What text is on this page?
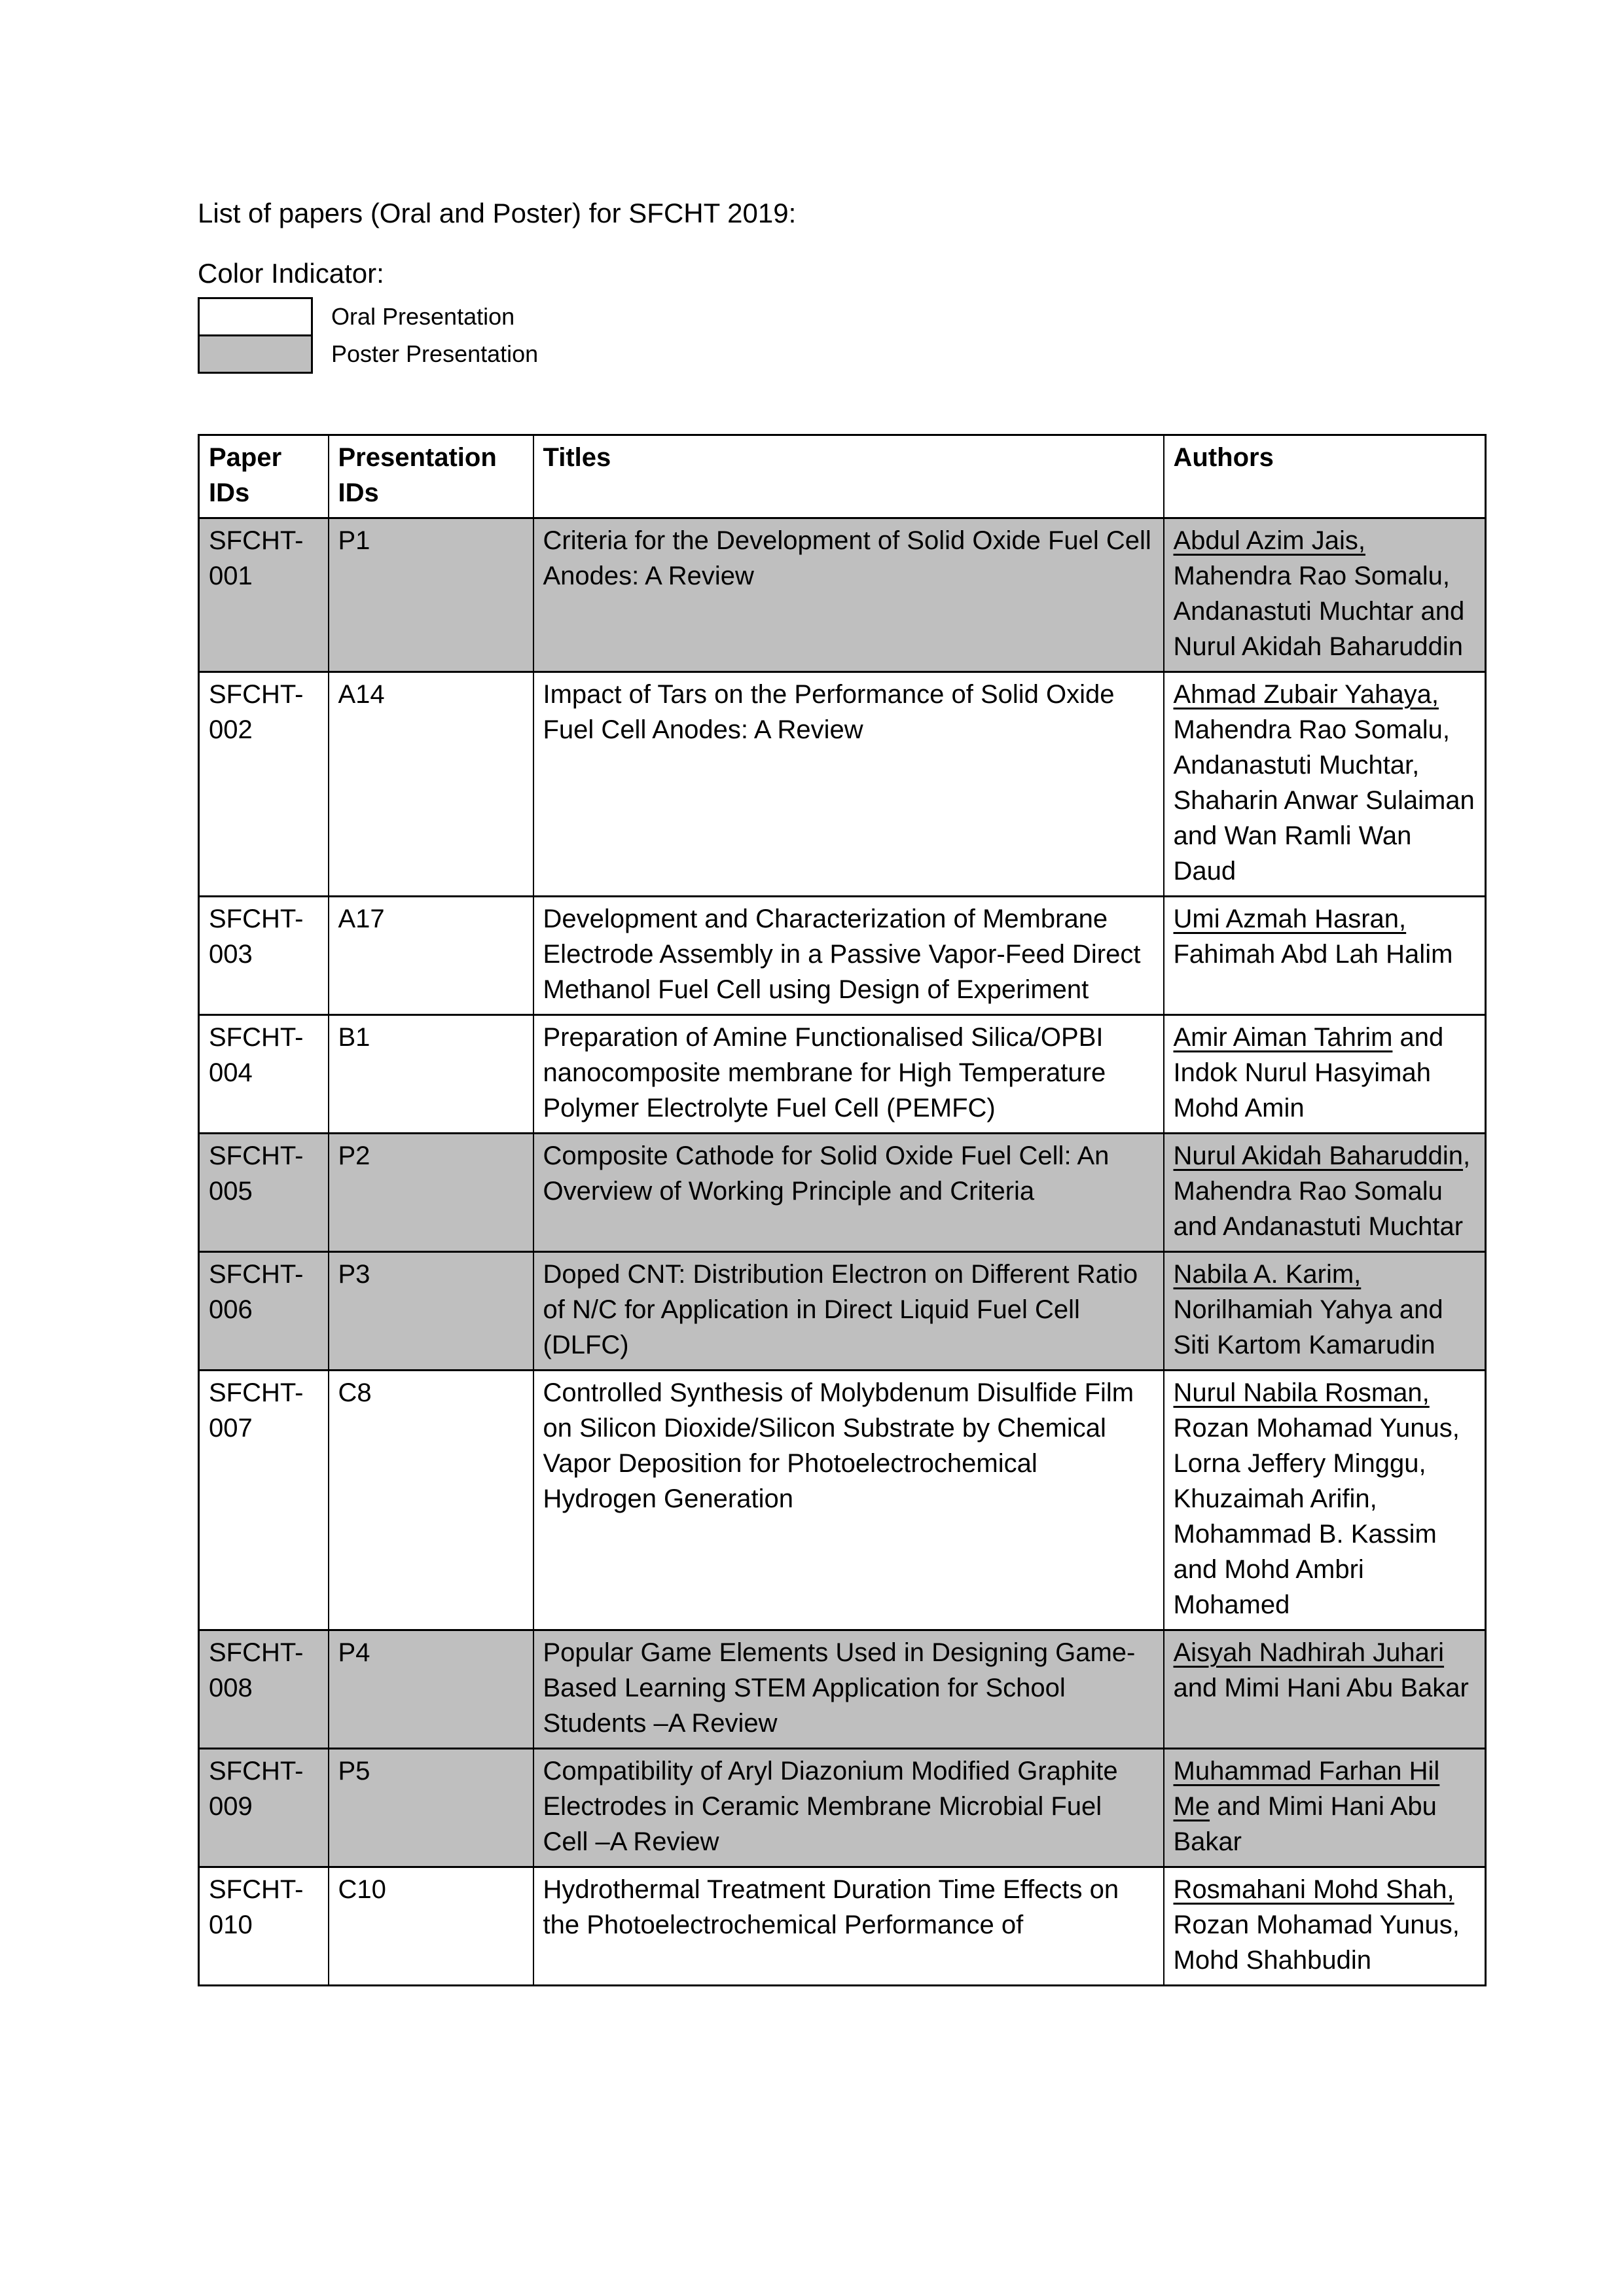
List of papers (Oral and Poster) for SFCHT 2019:
Color Indicator:
Oral Presentation
Poster Presentation
Paper IDs	Presentation IDs	Titles	Authors
SFCHT-001	P1	Criteria for the Development of Solid Oxide Fuel Cell Anodes: A Review	Abdul Azim Jais, Mahendra Rao Somalu, Andanastuti Muchtar and Nurul Akidah Baharuddin
SFCHT-002	A14	Impact of Tars on the Performance of Solid Oxide Fuel Cell Anodes: A Review	Ahmad Zubair Yahaya, Mahendra Rao Somalu, Andanastuti Muchtar, Shaharin Anwar Sulaiman and Wan Ramli Wan Daud
SFCHT-003	A17	Development and Characterization of Membrane Electrode Assembly in a Passive Vapor-Feed Direct Methanol Fuel Cell using Design of Experiment	Umi Azmah Hasran, Fahimah Abd Lah Halim
SFCHT-004	B1	Preparation of Amine Functionalised Silica/OPBI nanocomposite membrane for High Temperature Polymer Electrolyte Fuel Cell (PEMFC)	Amir Aiman Tahrim and Indok Nurul Hasyimah Mohd Amin
SFCHT-005	P2	Composite Cathode for Solid Oxide Fuel Cell: An Overview of Working Principle and Criteria	Nurul Akidah Baharuddin, Mahendra Rao Somalu and Andanastuti Muchtar
SFCHT-006	P3	Doped CNT: Distribution Electron on Different Ratio of N/C for Application in Direct Liquid Fuel Cell (DLFC)	Nabila A. Karim, Norilhamiah Yahya and Siti Kartom Kamarudin
SFCHT-007	C8	Controlled Synthesis of Molybdenum Disulfide Film on Silicon Dioxide/Silicon Substrate by Chemical Vapor Deposition for Photoelectrochemical Hydrogen Generation	Nurul Nabila Rosman, Rozan Mohamad Yunus, Lorna Jeffery Minggu, Khuzaimah Arifin, Mohammad B. Kassim and Mohd Ambri Mohamed
SFCHT-008	P4	Popular Game Elements Used in Designing Game-Based Learning STEM Application for School Students –A Review	Aisyah Nadhirah Juhari and Mimi Hani Abu Bakar
SFCHT-009	P5	Compatibility of Aryl Diazonium Modified Graphite Electrodes in Ceramic Membrane Microbial Fuel Cell –A Review	Muhammad Farhan Hil Me and Mimi Hani Abu Bakar
SFCHT-010	C10	Hydrothermal Treatment Duration Time Effects on the Photoelectrochemical Performance of	Rosmahani Mohd Shah, Rozan Mohamad Yunus, Mohd Shahbudin
